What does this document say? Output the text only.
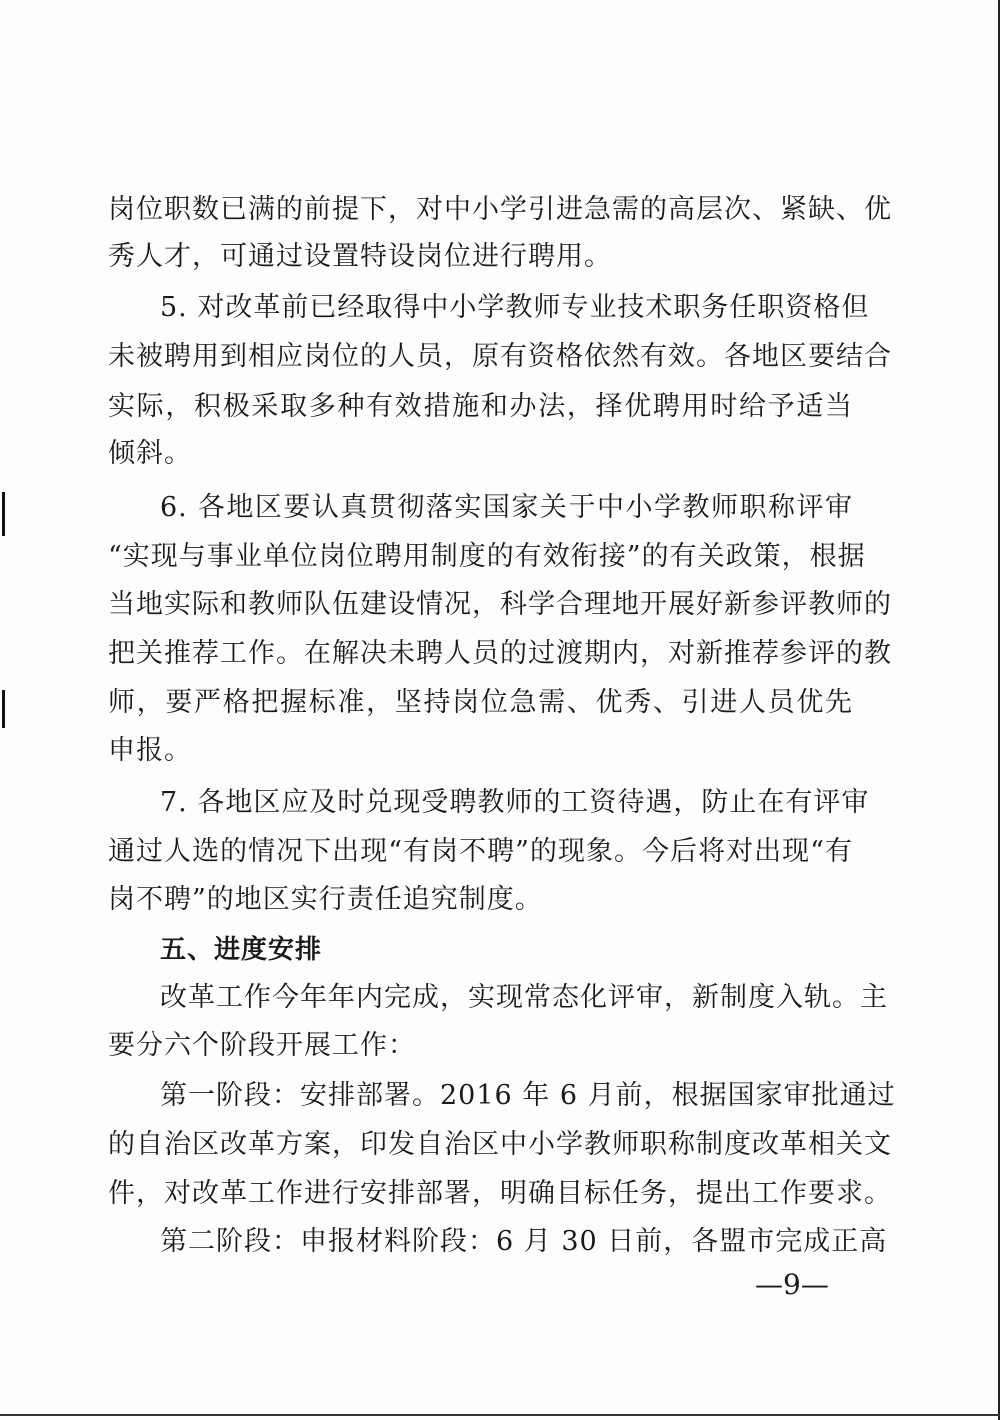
岗位职数已满的前提下，对中小学引进急需的高层次、紧缺、优
秀人才，可通过设置特设岗位进行聘用。
5. 对改革前已经取得中小学教师专业技术职务任职资格但
未被聘用到相应岗位的人员，原有资格依然有效。各地区要结合
实际，积极采取多种有效措施和办法，择优聘用时给予适当
倾斜。
6. 各地区要认真贯彻落实国家关于中小学教师职称评审
“实现与事业单位岗位聘用制度的有效衔接”的有关政策，根据
当地实际和教师队伍建设情况，科学合理地开展好新参评教师的
把关推荐工作。在解决未聘人员的过渡期内，对新推荐参评的教
师，要严格把握标准，坚持岗位急需、优秀、引进人员优先
申报。
7. 各地区应及时兑现受聘教师的工资待遇，防止在有评审
通过人选的情况下出现“有岗不聘”的现象。今后将对出现“有
岗不聘”的地区实行责任追究制度。
五、进度安排
改革工作今年年内完成，实现常态化评审，新制度入轨。主
要分六个阶段开展工作：
第一阶段：安排部署。2016 年 6 月前，根据国家审批通过
的自治区改革方案，印发自治区中小学教师职称制度改革相关文
件，对改革工作进行安排部署，明确目标任务，提出工作要求。
第二阶段：申报材料阶段：6 月 30 日前，各盟市完成正高
—9—
